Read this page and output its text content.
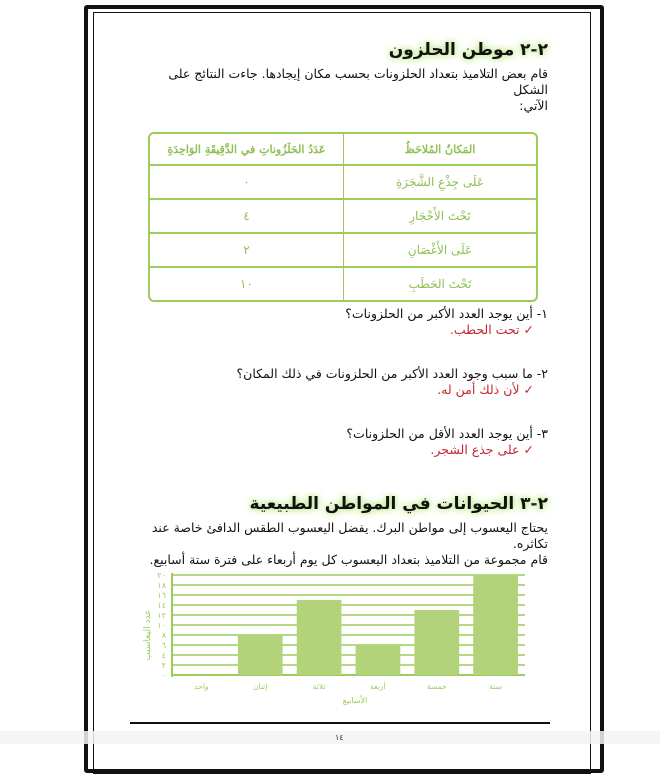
٢-٢ موطن الحلزون

قام بعض التلاميذ بتعداد الحلزونات بحسب مكان إيجادها. جاءت النتائج على الشكل
الآتي:

المَكانُ المُلاحَظُ	عَدَدُ الحَلَزُوناتِ في الدَّقِيقَةِ الوَاحِدَةِ
عَلَى جِذْعِ الشَّجَرَةِ	٠
تَحْتَ الأَحْجَارِ	٤
عَلَى الأَغْصَانِ	٢
تَحْتَ الحَطَبِ	١٠
١- أين يوجد العدد الأكبر من الحلزونات؟
✓تحت الحطب.
٢- ما سبب وجود العدد الأكبر من الحلزونات في ذلك المكان؟
✓لأن ذلك أمن له.
٣- أين يوجد العدد الأقل من الحلزونات؟
✓على جذع الشجر.
٢-٣ الحيوانات في المواطن الطبيعية

يحتاج اليعسوب إلى مواطن البرك. يفضل اليعسوب الطقس الدافئ خاصة عند
تكاثره.
قام مجموعة من التلاميذ بتعداد اليعسوب كل يوم أربعاء على فترة ستة أسابيع.

٠
٢
٤
٦
٨
١٠
١٢
١٤
١٦
١٨
٢٠
واحد	إثنان	ثلاثة	أربعة	خمسة	ستة
عدد اليعاسيب
الأسابيع
١٤
